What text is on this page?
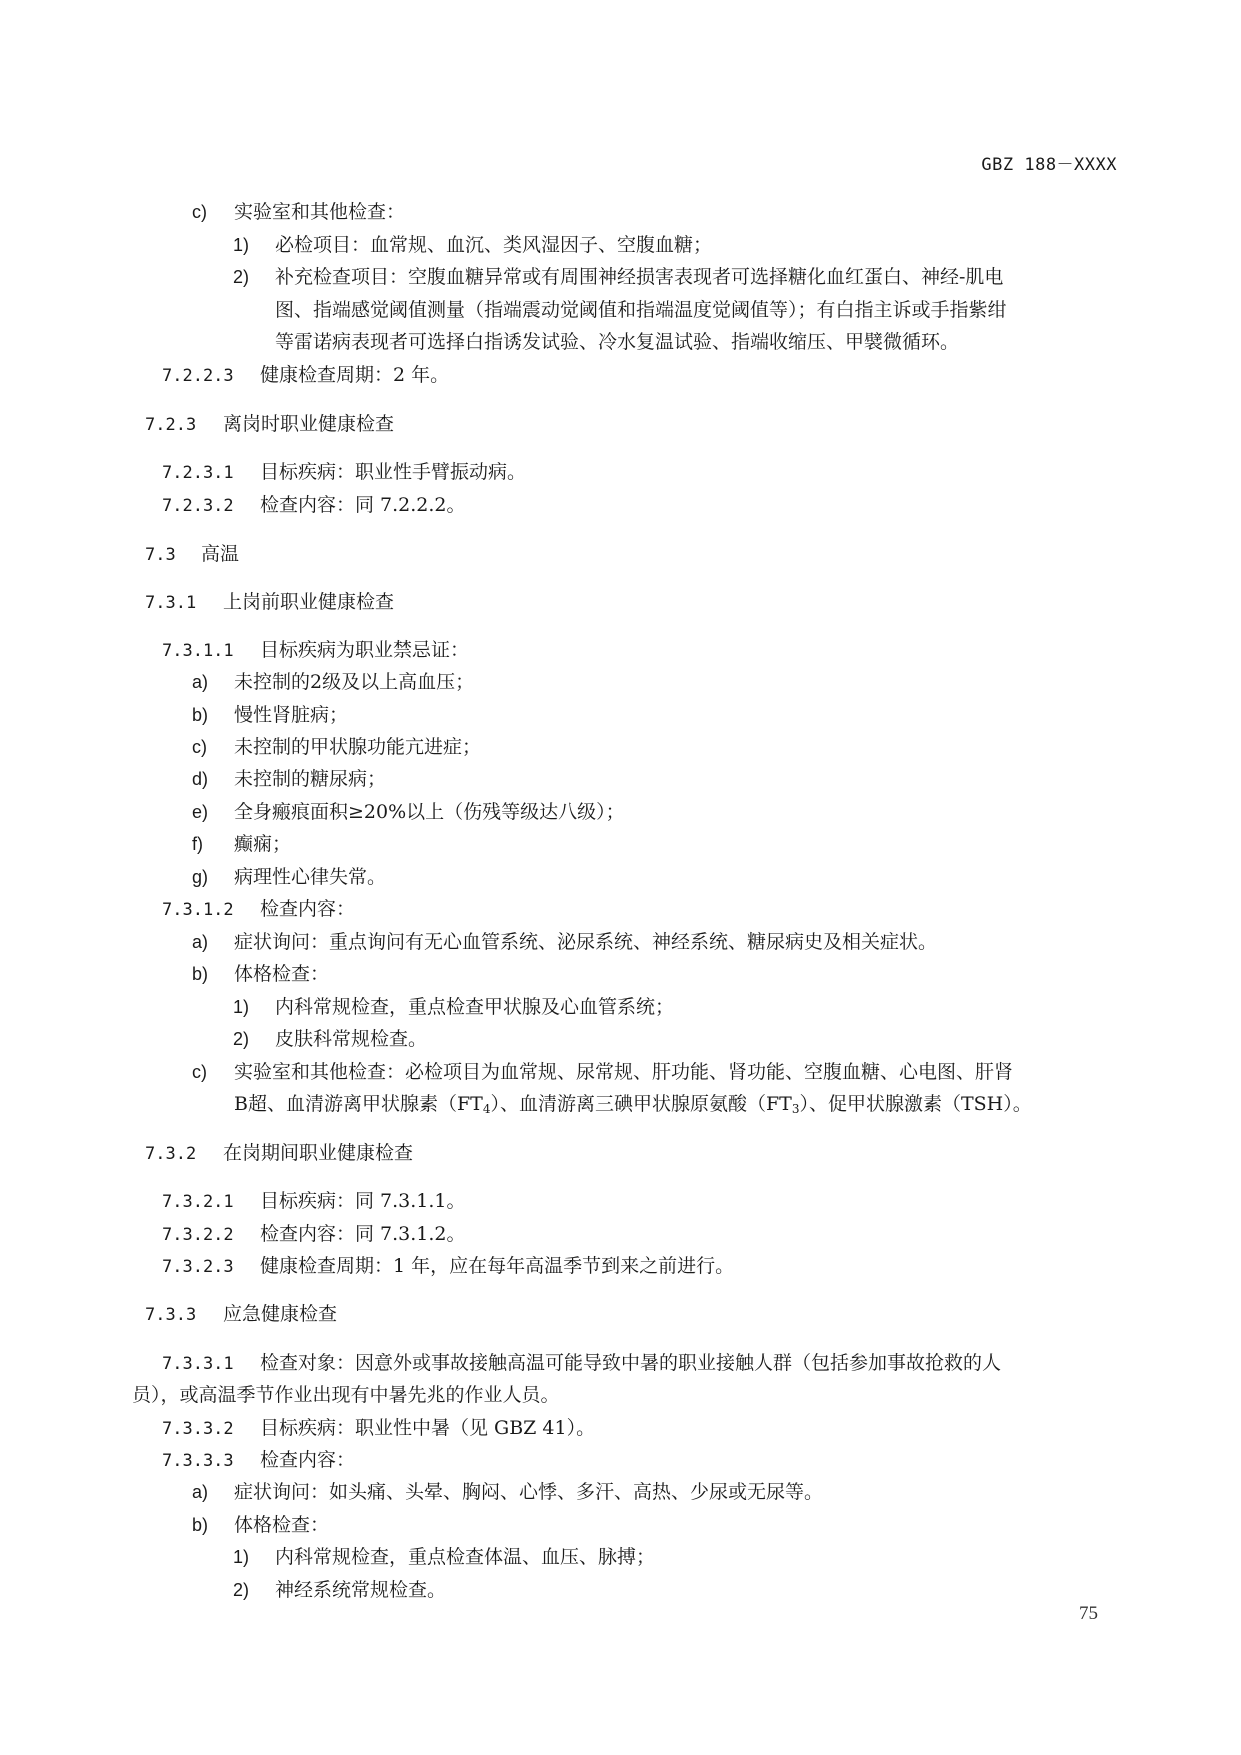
GBZ 188－XXXX
c) 实验室和其他检查：
1) 必检项目：血常规、血沉、类风湿因子、空腹血糖；
2) 补充检查项目：空腹血糖异常或有周围神经损害表现者可选择糖化血红蛋白、神经-肌电
图、指端感觉阈值测量（指端震动觉阈值和指端温度觉阈值等）；有白指主诉或手指紫绀
等雷诺病表现者可选择白指诱发试验、冷水复温试验、指端收缩压、甲襞微循环。
7.2.2.3 健康检查周期：2 年。
7.2.3 离岗时职业健康检查
7.2.3.1 目标疾病：职业性手臂振动病。
7.2.3.2 检查内容：同 7.2.2.2。
7.3 高温
7.3.1 上岗前职业健康检查
7.3.1.1 目标疾病为职业禁忌证：
a) 未控制的2级及以上高血压；
b) 慢性肾脏病；
c) 未控制的甲状腺功能亢进症；
d) 未控制的糖尿病；
e) 全身瘢痕面积≥20%以上（伤残等级达八级）；
f) 癫痫；
g) 病理性心律失常。
7.3.1.2 检查内容：
a) 症状询问：重点询问有无心血管系统、泌尿系统、神经系统、糖尿病史及相关症状。
b) 体格检查：
1) 内科常规检查，重点检查甲状腺及心血管系统；
2) 皮肤科常规检查。
c) 实验室和其他检查：必检项目为血常规、尿常规、肝功能、肾功能、空腹血糖、心电图、肝肾
B超、血清游离甲状腺素$(FT_4)$、血清游离三碘甲状腺原氨酸$(FT_3)$、促甲状腺激素（TSH）。
7.3.2 在岗期间职业健康检查
7.3.2.1 目标疾病：同 7.3.1.1。
7.3.2.2 检查内容：同 7.3.1.2。
7.3.2.3 健康检查周期：1 年，应在每年高温季节到来之前进行。
7.3.3 应急健康检查
7.3.3.1 检查对象：因意外或事故接触高温可能导致中暑的职业接触人群（包括参加事故抢救的人
员），或高温季节作业出现有中暑先兆的作业人员。
7.3.3.2 目标疾病：职业性中暑（见 GBZ 41）。
7.3.3.3 检查内容：
a) 症状询问：如头痛、头晕、胸闷、心悸、多汗、高热、少尿或无尿等。
b) 体格检查：
1) 内科常规检查，重点检查体温、血压、脉搏；
2) 神经系统常规检查。
75
